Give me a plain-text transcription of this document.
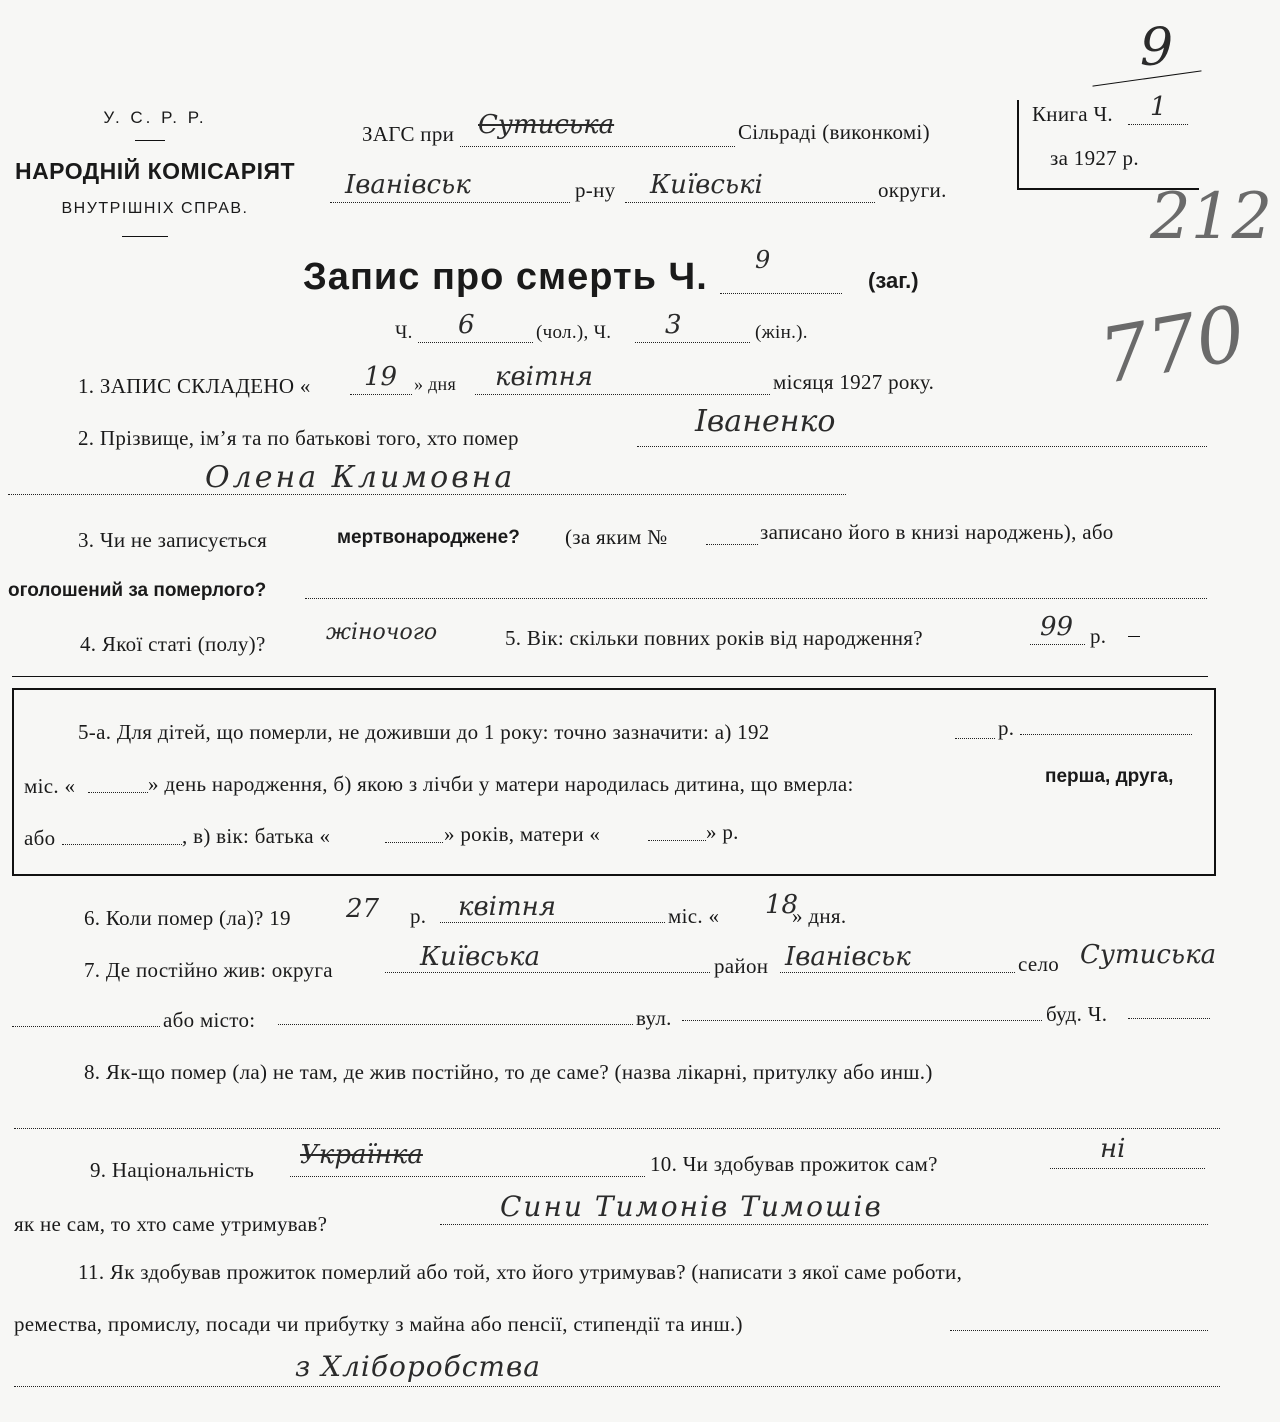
9
У. С. Р. Р.
НАРОДНІЙ КОМІСАРІЯТ
ВНУТРІШНІХ СПРАВ.
ЗАГС при Сутиська	Сільраді (виконкомі)
Іванівськ	р-ну Київські	округи.
Книга Ч. 1
за 1927 р.
212
770
Запис про смерть Ч. 9
(заг.)
Ч. 6	(чол.), Ч. 3	(жін.).
1. ЗАПИС СКЛАДЕНО « 19 » дня квітня	місяця 1927 року.
2. Прізвище, ім’я та по батькові того, хто помер	Іваненко
Олена Климовна
3. Чи не записується	мертвонароджене? (за яким №	записано його в книзі народжень), або
оголошений за померлого?
4. Якої статі (полу)?	жіночого	5. Вік: скільки повних років від народження?	99 р.
5-а. Для дітей, що померли, не доживши до 1 року: точно зазначити: а) 192	р.
міс. «	» день народження, б) якою з лічби у матери народилась дитина, що вмерла:	перша, друга,
або	, в) вік: батька «	» років, матери «	» р.
6. Коли помер (ла)? 19 27 р. квітня	міс. « 18
» дня.
7. Де постійно жив: округа	Київська	район Іванівськ	село Сутиська
або місто:	вул.	буд. Ч.
8. Як-що помер (ла) не там, де жив постійно, то де саме? (назва лікарні, притулку або инш.)
9. Національність Українка	10. Чи здобував прожиток сам?	ні
як не сам, то хто саме утримував?
Сини Тимонів Тимошів
11. Як здобував прожиток померлий або той, хто його утримував? (написати з якої саме роботи,
ремества, промислу, посади чи прибутку з майна або пенсії, стипендії та инш.)
з Хліборобства
